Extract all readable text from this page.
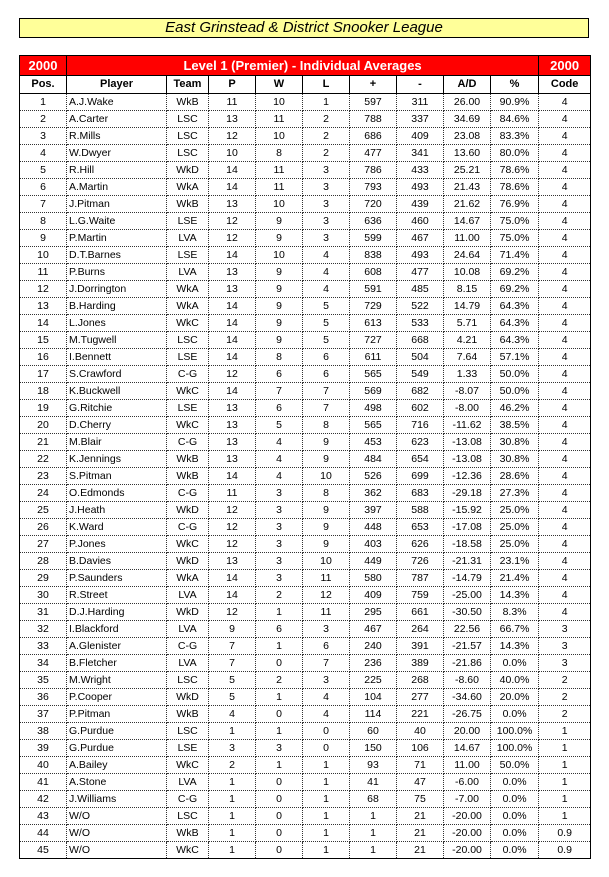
East Grinstead & District Snooker League
2000	Level 1 (Premier) - Individual Averages									2000
Pos.	Player	Team	P	W	L	+	-	A/D	%	Code
1	A.J.Wake	WkB	11	10	1	597	311	26.00	90.9%	4
2	A.Carter	LSC	13	11	2	788	337	34.69	84.6%	4
3	R.Mills	LSC	12	10	2	686	409	23.08	83.3%	4
4	W.Dwyer	LSC	10	8	2	477	341	13.60	80.0%	4
5	R.Hill	WkD	14	11	3	786	433	25.21	78.6%	4
6	A.Martin	WkA	14	11	3	793	493	21.43	78.6%	4
7	J.Pitman	WkB	13	10	3	720	439	21.62	76.9%	4
8	L.G.Waite	LSE	12	9	3	636	460	14.67	75.0%	4
9	P.Martin	LVA	12	9	3	599	467	11.00	75.0%	4
10	D.T.Barnes	LSE	14	10	4	838	493	24.64	71.4%	4
11	P.Burns	LVA	13	9	4	608	477	10.08	69.2%	4
12	J.Dorrington	WkA	13	9	4	591	485	8.15	69.2%	4
13	B.Harding	WkA	14	9	5	729	522	14.79	64.3%	4
14	L.Jones	WkC	14	9	5	613	533	5.71	64.3%	4
15	M.Tugwell	LSC	14	9	5	727	668	4.21	64.3%	4
16	I.Bennett	LSE	14	8	6	611	504	7.64	57.1%	4
17	S.Crawford	C-G	12	6	6	565	549	1.33	50.0%	4
18	K.Buckwell	WkC	14	7	7	569	682	-8.07	50.0%	4
19	G.Ritchie	LSE	13	6	7	498	602	-8.00	46.2%	4
20	D.Cherry	WkC	13	5	8	565	716	-11.62	38.5%	4
21	M.Blair	C-G	13	4	9	453	623	-13.08	30.8%	4
22	K.Jennings	WkB	13	4	9	484	654	-13.08	30.8%	4
23	S.Pitman	WkB	14	4	10	526	699	-12.36	28.6%	4
24	O.Edmonds	C-G	11	3	8	362	683	-29.18	27.3%	4
25	J.Heath	WkD	12	3	9	397	588	-15.92	25.0%	4
26	K.Ward	C-G	12	3	9	448	653	-17.08	25.0%	4
27	P.Jones	WkC	12	3	9	403	626	-18.58	25.0%	4
28	B.Davies	WkD	13	3	10	449	726	-21.31	23.1%	4
29	P.Saunders	WkA	14	3	11	580	787	-14.79	21.4%	4
30	R.Street	LVA	14	2	12	409	759	-25.00	14.3%	4
31	D.J.Harding	WkD	12	1	11	295	661	-30.50	8.3%	4
32	I.Blackford	LVA	9	6	3	467	264	22.56	66.7%	3
33	A.Glenister	C-G	7	1	6	240	391	-21.57	14.3%	3
34	B.Fletcher	LVA	7	0	7	236	389	-21.86	0.0%	3
35	M.Wright	LSC	5	2	3	225	268	-8.60	40.0%	2
36	P.Cooper	WkD	5	1	4	104	277	-34.60	20.0%	2
37	P.Pitman	WkB	4	0	4	114	221	-26.75	0.0%	2
38	G.Purdue	LSC	1	1	0	60	40	20.00	100.0%	1
39	G.Purdue	LSE	3	3	0	150	106	14.67	100.0%	1
40	A.Bailey	WkC	2	1	1	93	71	11.00	50.0%	1
41	A.Stone	LVA	1	0	1	41	47	-6.00	0.0%	1
42	J.Williams	C-G	1	0	1	68	75	-7.00	0.0%	1
43	W/O	LSC	1	0	1	1	21	-20.00	0.0%	1
44	W/O	WkB	1	0	1	1	21	-20.00	0.0%	0.9
45	W/O	WkC	1	0	1	1	21	-20.00	0.0%	0.9
